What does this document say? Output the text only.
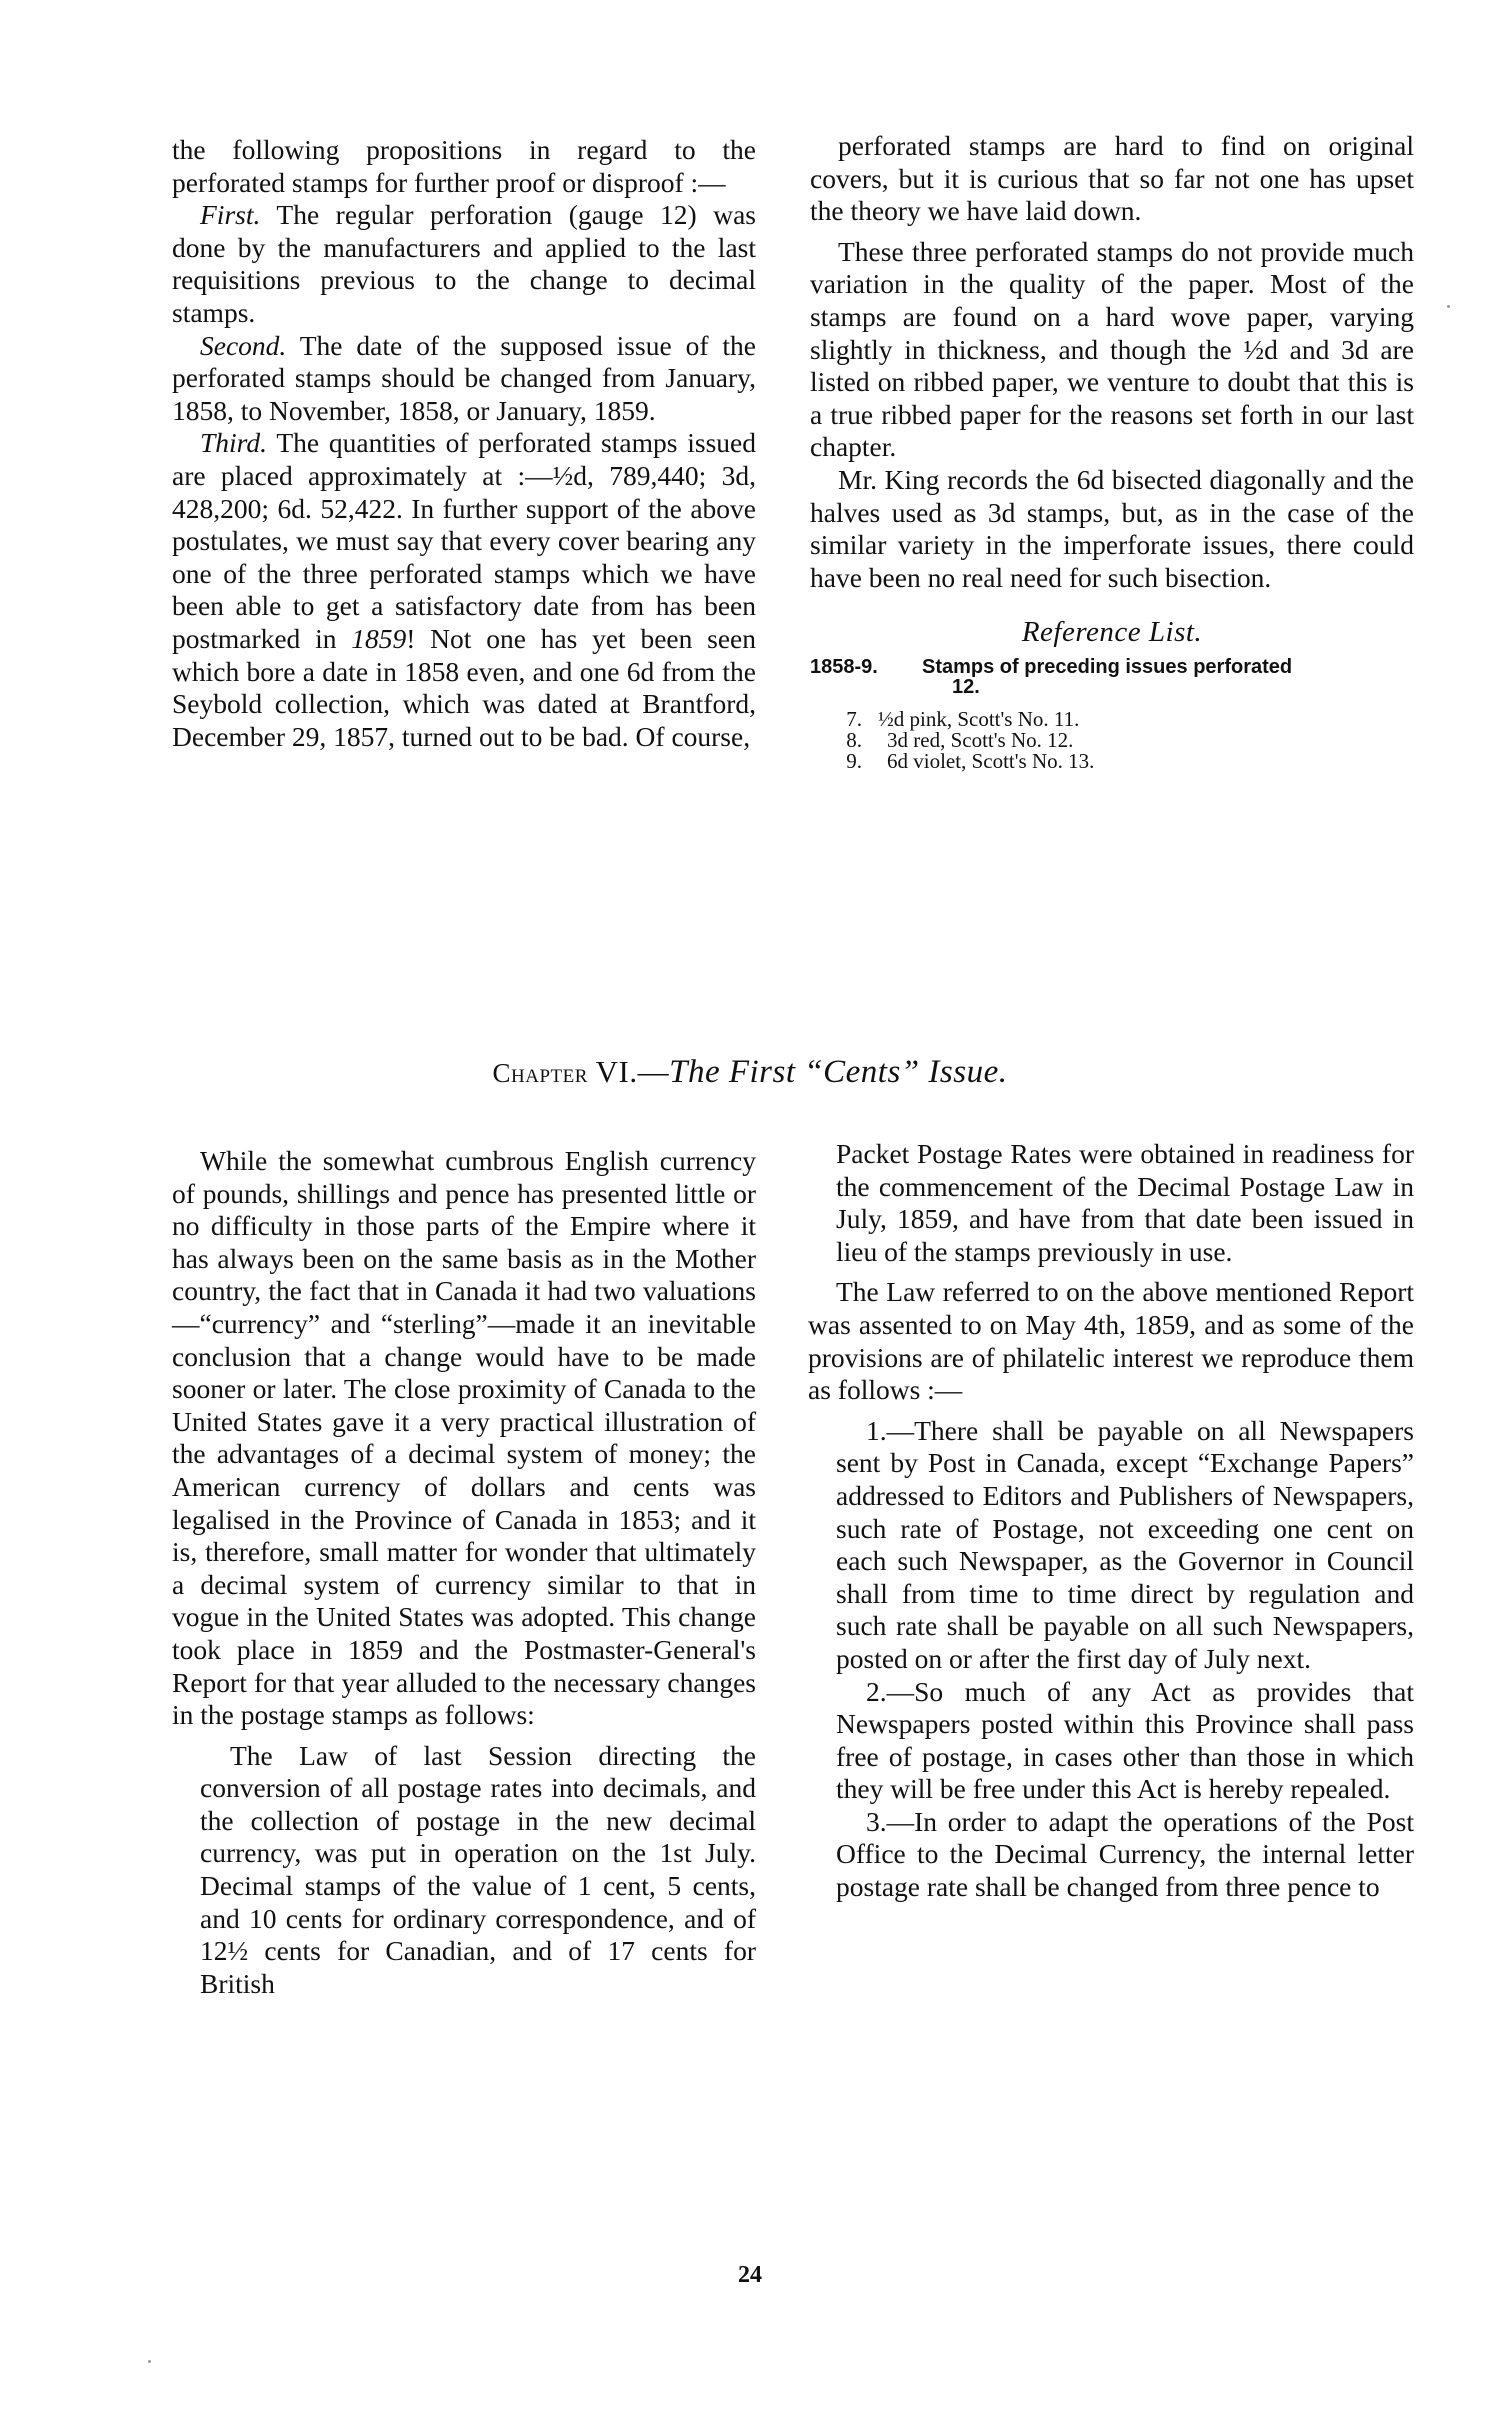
the following propositions in regard to the perforated stamps for further proof or disproof :—

First. The regular perforation (gauge 12) was done by the manufacturers and applied to the last requisitions previous to the change to decimal stamps.

Second. The date of the supposed issue of the perforated stamps should be changed from January, 1858, to November, 1858, or January, 1859.

Third. The quantities of perforated stamps issued are placed approximately at :—½d, 789,440; 3d, 428,200; 6d. 52,422. In further support of the above postulates, we must say that every cover bearing any one of the three perforated stamps which we have been able to get a satisfactory date from has been postmarked in 1859! Not one has yet been seen which bore a date in 1858 even, and one 6d from the Seybold collection, which was dated at Brantford, December 29, 1857, turned out to be bad. Of course,

perforated stamps are hard to find on original covers, but it is curious that so far not one has upset the theory we have laid down.

These three perforated stamps do not provide much variation in the quality of the paper. Most of the stamps are found on a hard wove paper, varying slightly in thickness, and though the ½d and 3d are listed on ribbed paper, we venture to doubt that this is a true ribbed paper for the reasons set forth in our last chapter.

Mr. King records the 6d bisected diagonally and the halves used as 3d stamps, but, as in the case of the similar variety in the imperforate issues, there could have been no real need for such bisection.

Reference List.
1858-9.	Stamps of preceding issues perforated
12.
7. ½d pink, Scott's No. 11.
8.	3d red, Scott's No. 12.
9.	6d violet, Scott's No. 13.
Chapter VI.—The First “Cents” Issue.

While the somewhat cumbrous English currency of pounds, shillings and pence has presented little or no difficulty in those parts of the Empire where it has always been on the same basis as in the Mother country, the fact that in Canada it had two valuations—“currency” and “sterling”—made it an inevitable conclusion that a change would have to be made sooner or later. The close proximity of Canada to the United States gave it a very practical illustration of the advantages of a decimal system of money; the American currency of dollars and cents was legalised in the Province of Canada in 1853; and it is, therefore, small matter for wonder that ultimately a decimal system of currency similar to that in vogue in the United States was adopted. This change took place in 1859 and the Postmaster-General's Report for that year alluded to the necessary changes in the postage stamps as follows:

The Law of last Session directing the conversion of all postage rates into decimals, and the collection of postage in the new decimal currency, was put in operation on the 1st July. Decimal stamps of the value of 1 cent, 5 cents, and 10 cents for ordinary correspondence, and of 12½ cents for Canadian, and of 17 cents for British

Packet Postage Rates were obtained in readiness for the commencement of the Decimal Postage Law in July, 1859, and have from that date been issued in lieu of the stamps previously in use.

The Law referred to on the above mentioned Report was assented to on May 4th, 1859, and as some of the provisions are of philatelic interest we reproduce them as follows :—

1.—There shall be payable on all Newspapers sent by Post in Canada, except “Exchange Papers” addressed to Editors and Publishers of Newspapers, such rate of Postage, not exceeding one cent on each such Newspaper, as the Governor in Council shall from time to time direct by regulation and such rate shall be payable on all such Newspapers, posted on or after the first day of July next.

2.—So much of any Act as provides that Newspapers posted within this Province shall pass free of postage, in cases other than those in which they will be free under this Act is hereby repealed.

3.—In order to adapt the operations of the Post Office to the Decimal Currency, the internal letter postage rate shall be changed from three pence to

24
